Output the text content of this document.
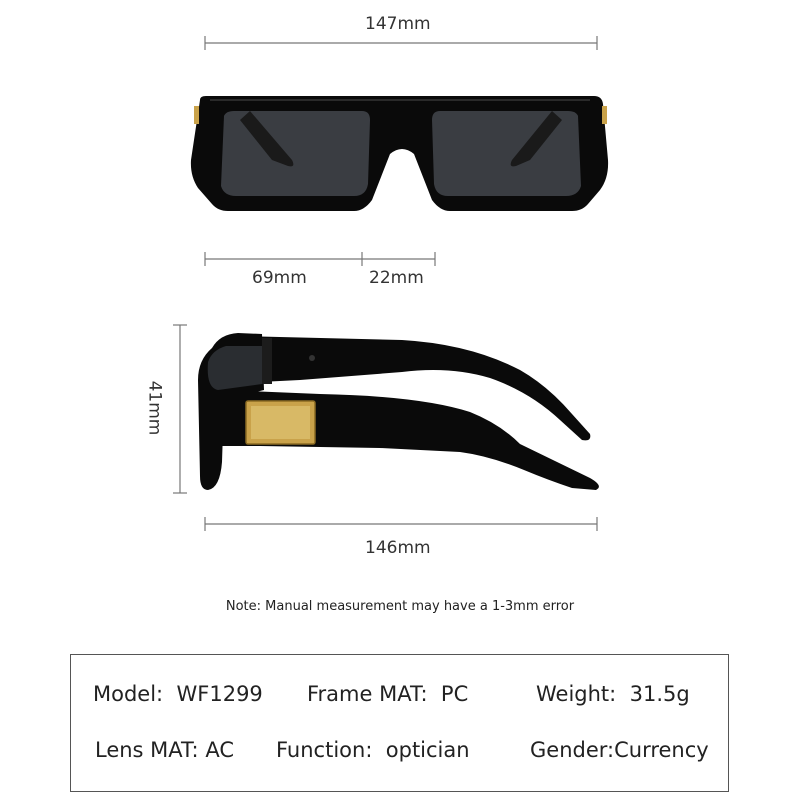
147mm
69mm	22mm
41mm
146mm
Note: Manual measurement may have a 1-3mm error
Model: WF1299 Frame MAT: PC	Weight: 31.5g
Lens MAT: AC Function: optician	Gender:Currency
